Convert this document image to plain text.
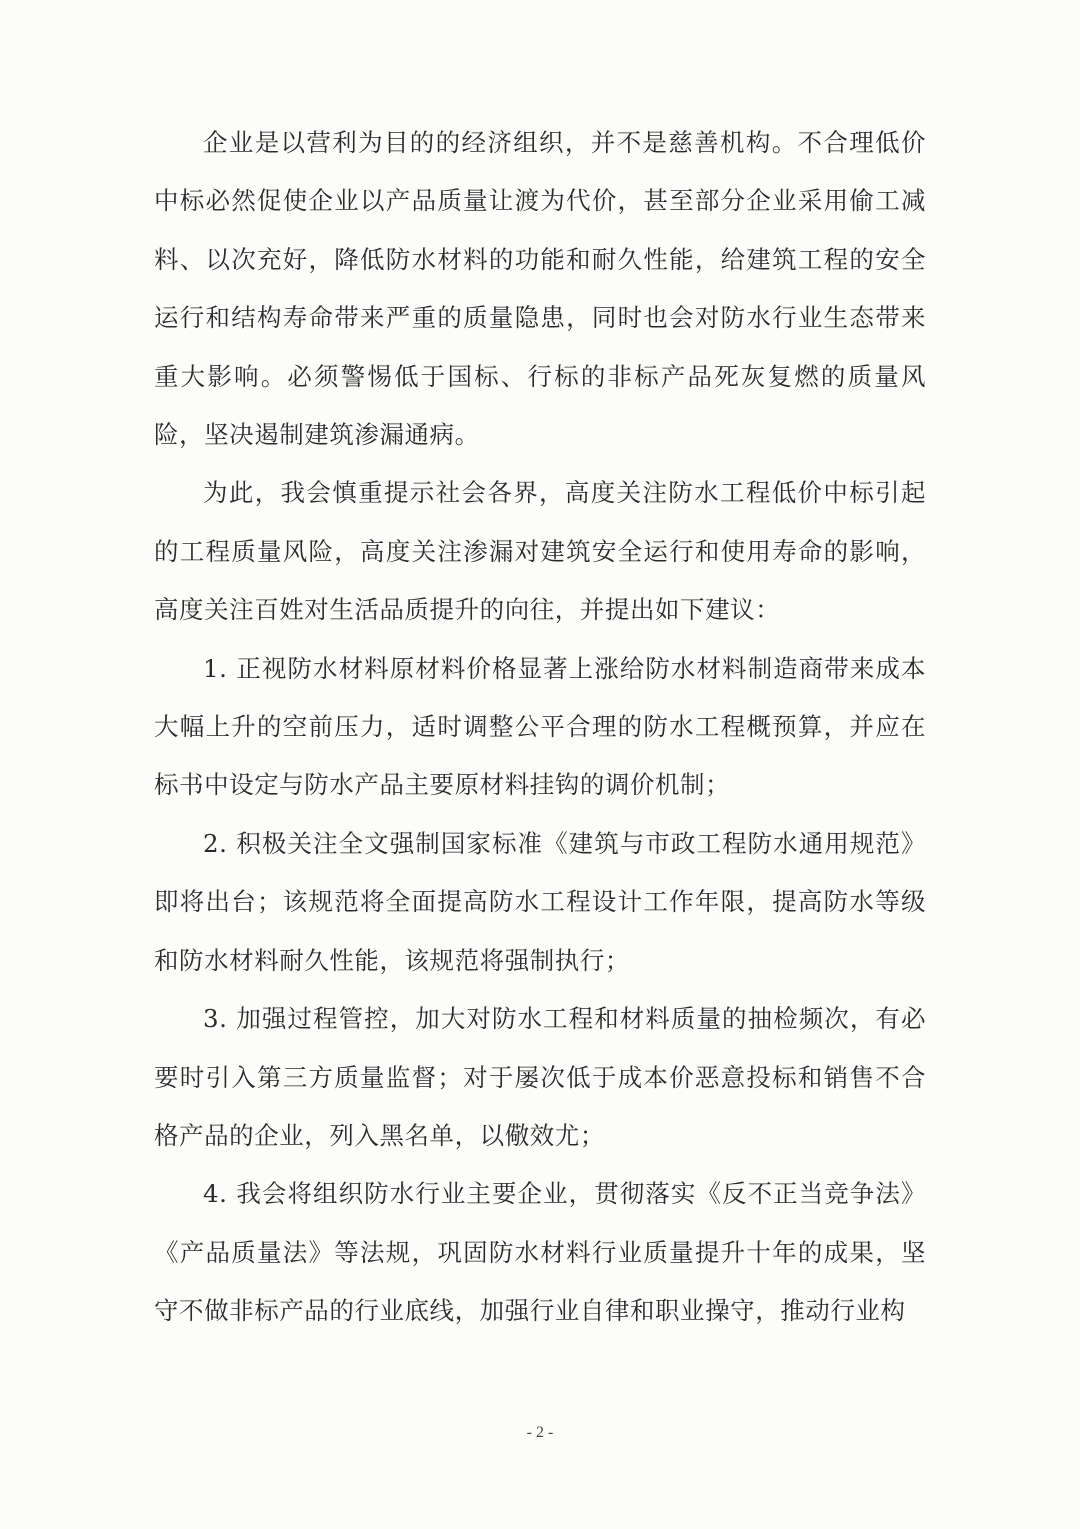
企业是以营利为目的的经济组织，并不是慈善机构。不合理低价中标必然促使企业以产品质量让渡为代价，甚至部分企业采用偷工减料、以次充好，降低防水材料的功能和耐久性能，给建筑工程的安全运行和结构寿命带来严重的质量隐患，同时也会对防水行业生态带来重大影响。必须警惕低于国标、行标的非标产品死灰复燃的质量风险，坚决遏制建筑渗漏通病。

为此，我会慎重提示社会各界，高度关注防水工程低价中标引起的工程质量风险，高度关注渗漏对建筑安全运行和使用寿命的影响，高度关注百姓对生活品质提升的向往，并提出如下建议：

1. 正视防水材料原材料价格显著上涨给防水材料制造商带来成本大幅上升的空前压力，适时调整公平合理的防水工程概预算，并应在标书中设定与防水产品主要原材料挂钩的调价机制；

2. 积极关注全文强制国家标准《建筑与市政工程防水通用规范》即将出台；该规范将全面提高防水工程设计工作年限，提高防水等级和防水材料耐久性能，该规范将强制执行；

3. 加强过程管控，加大对防水工程和材料质量的抽检频次，有必要时引入第三方质量监督；对于屡次低于成本价恶意投标和销售不合格产品的企业，列入黑名单，以儆效尤；

4. 我会将组织防水行业主要企业，贯彻落实《反不正当竞争法》《产品质量法》等法规，巩固防水材料行业质量提升十年的成果，坚守不做非标产品的行业底线，加强行业自律和职业操守，推动行业构

- 2 -
